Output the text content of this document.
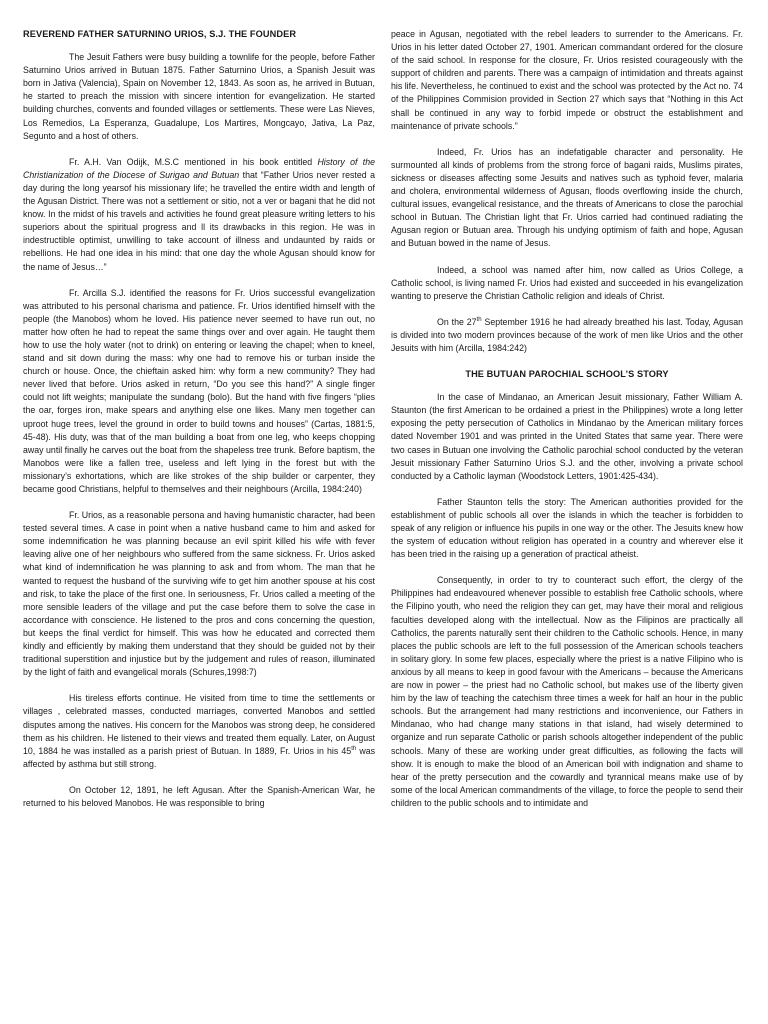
REVEREND FATHER SATURNINO URIOS, S.J. THE FOUNDER

The Jesuit Fathers were busy building a townlife for the people, before Father Saturnino Urios arrived in Butuan 1875. Father Saturnino Urios, a Spanish Jesuit was born in Jativa (Valencia), Spain on November 12, 1843. As soon as, he arrived in Butuan, he started to preach the mission with sincere intention for evangelization. He started building churches, convents and founded villages or settlements. These were Las Nieves, Los Remedios, La Esperanza, Guadalupe, Los Martires, Mongcayo, Jativa, La Paz, Segunto and a host of others.

Fr. A.H. Van Odijk, M.S.C mentioned in his book entitled History of the Christianization of the Diocese of Surigao and Butuan that “Father Urios never rested a day during the long yearsof his missionary life; he travelled the entire width and length of the Agusan District. There was not a settlement or sitio, not a ver or bagani that he did not know. In the midst of his travels and activities he found great pleasure writing letters to his superiors about the spiritual progress and ll its drawbacks in this region. He was in indestructible optimist, unwilling to take account of illness and undaunted by raids or rebellions. He had one idea in his mind: that one day the whole Agusan should know for the name of Jesus…”

Fr. Arcilla S.J. identified the reasons for Fr. Urios successful evangelization was attributed to his personal charisma and patience. Fr. Urios identified himself with the people (the Manobos) whom he loved. His patience never seemed to have run out, no matter how often he had to repeat the same things over and over again. He taught them how to use the holy water (not to drink) on entering or leaving the chapel; when to kneel, stand and sit down during the mass: why one had to remove his or turban inside the church or house. Once, the chieftain asked him: why form a new community? They had never lived that before. Urios asked in return, “Do you see this hand?” A single finger could not lift weights; manipulate the sundang (bolo). But the hand with five fingers “plies the oar, forges iron, make spears and anything else one likes. Many men together can uproot huge trees, level the ground in order to build towns and houses” (Cartas, 1881:5, 45-48). His duty, was that of the man building a boat from one leg, who keeps chopping away until finally he carves out the boat from the shapeless tree trunk. Before baptism, the Manobos were like a fallen tree, useless and left lying in the forest but with the missionary’s exhortations, which are like strokes of the ship builder or carpenter, they became good Christians, helpful to themselves and their neighbours (Arcilla, 1984:240)

Fr. Urios, as a reasonable persona and having humanistic character, had been tested several times. A case in point when a native husband came to him and asked for some indemnification he was planning because an evil spirit killed his wife with fever leaving alive one of her neighbours who suffered from the same sickness. Fr. Urios asked what kind of indemnification he was planning to ask and from whom. The man that he wanted to request the husband of the surviving wife to get him another spouse at his cost and risk, to take the place of the first one. In seriousness, Fr. Urios called a meeting of the more sensible leaders of the village and put the case before them to solve the case in accordance with conscience. He listened to the pros and cons concerning the question, but keeps the final verdict for himself. This was how he educated and corrected them kindly and efficiently by making them understand that they should be guided not by their traditional superstition and injustice but by the judgement and rules of reason, illuminated by the light of faith and evangelical morals (Schures,1998:7)

His tireless efforts continue. He visited from time to time the settlements or villages , celebrated masses, conducted marriages, converted Manobos and settled disputes among the natives. His concern for the Manobos was strong deep, he considered them as his children. He listened to their views and treated them equally. Later, on August 10, 1884 he was installed as a parish priest of Butuan. In 1889, Fr. Urios in his 45th was affected by asthma but still strong.

On October 12, 1891, he left Agusan. After the Spanish-American War, he returned to his beloved Manobos. He was responsible to bring

peace in Agusan, negotiated with the rebel leaders to surrender to the Americans. Fr. Urios in his letter dated October 27, 1901. American commandant ordered for the closure of the said school. In response for the closure, Fr. Urios resisted courageously with the support of children and parents. There was a campaign of intimidation and threats against his life. Nevertheless, he continued to exist and the school was protected by the Act no. 74 of the Philippines Commision provided in Section 27 which says that “Nothing in this Act shall be continued in any way to forbid impede or obstruct the establishment and maintenance of private schools.”

Indeed, Fr. Urios has an indefatigable character and personality. He surmounted all kinds of problems from the strong force of bagani raids, Muslims pirates, sickness or diseases affecting some Jesuits and natives such as typhoid fever, malaria and cholera, environmental wilderness of Agusan, floods overflowing inside the church, cultural issues, evangelical resistance, and the threats of Americans to close the parochial school in Butuan. The Christian light that Fr. Urios carried had continued radiating the Agusan region or Butuan area. Through his undying optimism of faith and hope, Agusan and Butuan bowed in the name of Jesus.

Indeed, a school was named after him, now called as Urios College, a Catholic school, is living named Fr. Urios had existed and succeeded in his evangelization wanting to preserve the Christian Catholic religion and ideals of Christ.

On the 27th September 1916 he had already breathed his last. Today, Agusan is divided into two modern provinces because of the work of men like Urios and the other Jesuits with him (Arcilla, 1984:242)

THE BUTUAN PAROCHIAL SCHOOL’S STORY

In the case of Mindanao, an American Jesuit missionary, Father William A. Staunton (the first American to be ordained a priest in the Philippines) wrote a long letter exposing the petty persecution of Catholics in Mindanao by the American military forces dated November 1901 and was printed in the United States that same year. There were two cases in Butuan one involving the Catholic parochial school conducted by the veteran Jesuit missionary Father Saturnino Urios S.J. and the other, involving a private school conducted by a Catholic layman (Woodstock Letters, 1901:425-434).

Father Staunton tells the story: The American authorities provided for the establishment of public schools all over the islands in which the teacher is forbidden to speak of any religion or influence his pupils in one way or the other. The Jesuits knew how the system of education without religion has operated in a country and wherever else it has been tried in the raising up a generation of practical atheist.

Consequently, in order to try to counteract such effort, the clergy of the Philippines had endeavoured whenever possible to establish free Catholic schools, where the Filipino youth, who need the religion they can get, may have their moral and religious faculties developed along with the intellectual. Now as the Filipinos are practically all Catholics, the parents naturally sent their children to the Catholic schools. Hence, in many places the public schools are left to the full possession of the American schools teachers in solitary glory. In some few places, especially where the priest is a native Filipino who is anxious by all means to keep in good favour with the Americans – because the Americans are now in power – the priest had no Catholic school, but makes use of the liberty given him by the law of teaching the catechism three times a week for half an hour in the public schools. But the arrangement had many restrictions and inconvenience, our Fathers in Mindanao, who had change many stations in that island, had wisely determined to organize and run separate Catholic or parish schools altogether independent of the public schools. Many of these are working under great difficulties, as following the facts will show. It is enough to make the blood of an American boil with indignation and shame to hear of the pretty persecution and the cowardly and tyrannical means make use of by some of the local American commandments of the village, to force the people to send their children to the public schools and to intimidate and
